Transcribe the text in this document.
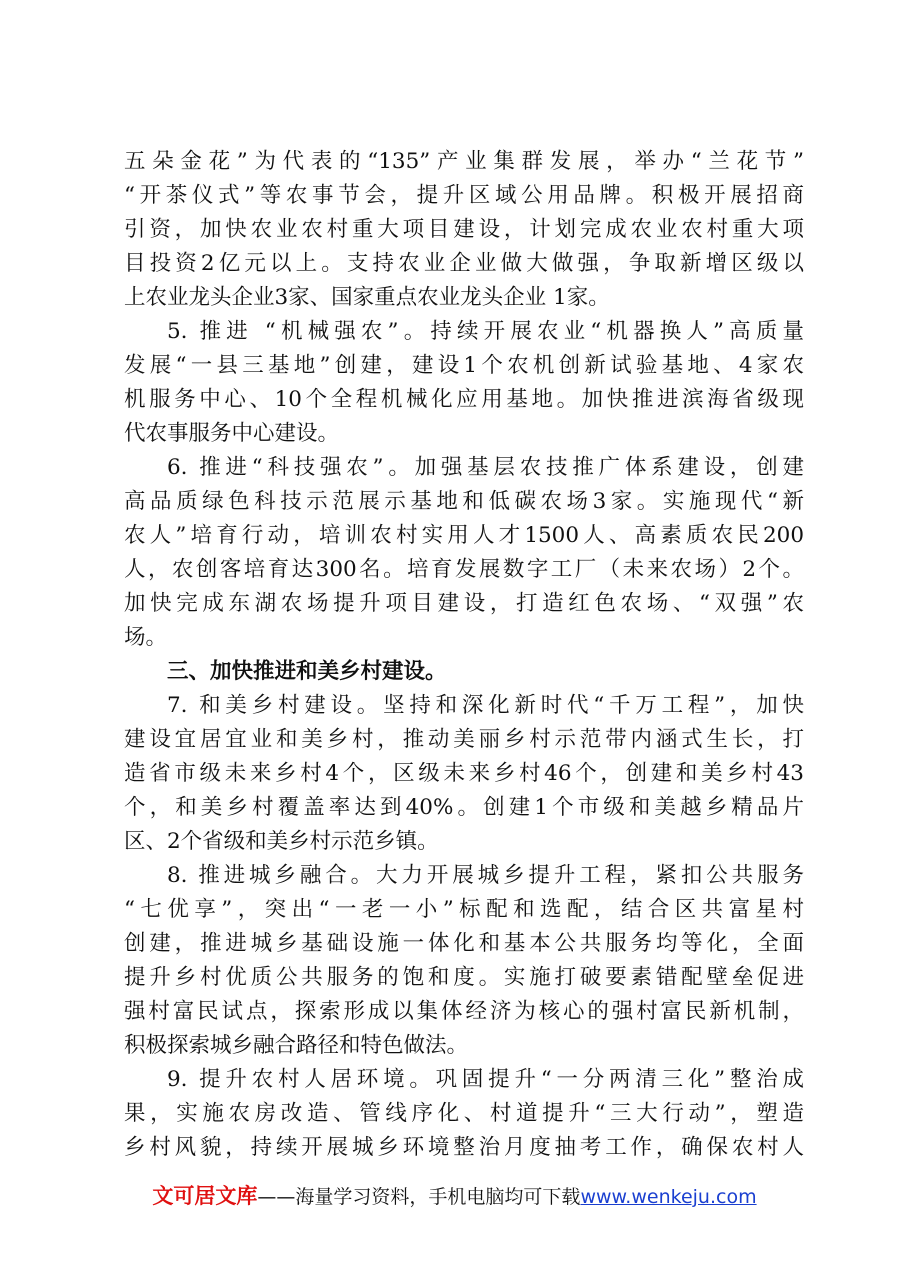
五朵金花”为代表的“135”产业集群发展，举办“兰花节”
“开茶仪式”等农事节会，提升区域公用品牌。积极开展招商
引资，加快农业农村重大项目建设，计划完成农业农村重大项
目投资2亿元以上。支持农业企业做大做强，争取新增区级以
上农业龙头企业3家、国家重点农业龙头企业 1家。
5. 推进 “机械强农”。持续开展农业“机器换人”高质量
发展“一县三基地”创建，建设1个农机创新试验基地、4家农
机服务中心、10个全程机械化应用基地。加快推进滨海省级现
代农事服务中心建设。
6. 推进“科技强农”。加强基层农技推广体系建设，创建
高品质绿色科技示范展示基地和低碳农场3家。实施现代“新
农人”培育行动，培训农村实用人才1500人、高素质农民200
人，农创客培育达300名。培育发展数字工厂（未来农场）2个。
加快完成东湖农场提升项目建设，打造红色农场、“双强”农
场。
三、加快推进和美乡村建设。
7. 和美乡村建设。坚持和深化新时代“千万工程”，加快
建设宜居宜业和美乡村，推动美丽乡村示范带内涵式生长，打
造省市级未来乡村4个，区级未来乡村46个，创建和美乡村43
个，和美乡村覆盖率达到40%。创建1个市级和美越乡精品片
区、2个省级和美乡村示范乡镇。
8. 推进城乡融合。大力开展城乡提升工程，紧扣公共服务
“七优享”，突出“一老一小”标配和选配，结合区共富星村
创建，推进城乡基础设施一体化和基本公共服务均等化，全面
提升乡村优质公共服务的饱和度。实施打破要素错配壁垒促进
强村富民试点，探索形成以集体经济为核心的强村富民新机制，
积极探索城乡融合路径和特色做法。
9. 提升农村人居环境。巩固提升“一分两清三化”整治成
果，实施农房改造、管线序化、村道提升“三大行动”，塑造
乡村风貌，持续开展城乡环境整治月度抽考工作，确保农村人
文可居文库——海量学习资料，手机电脑均可下载www.wenkeju.com
